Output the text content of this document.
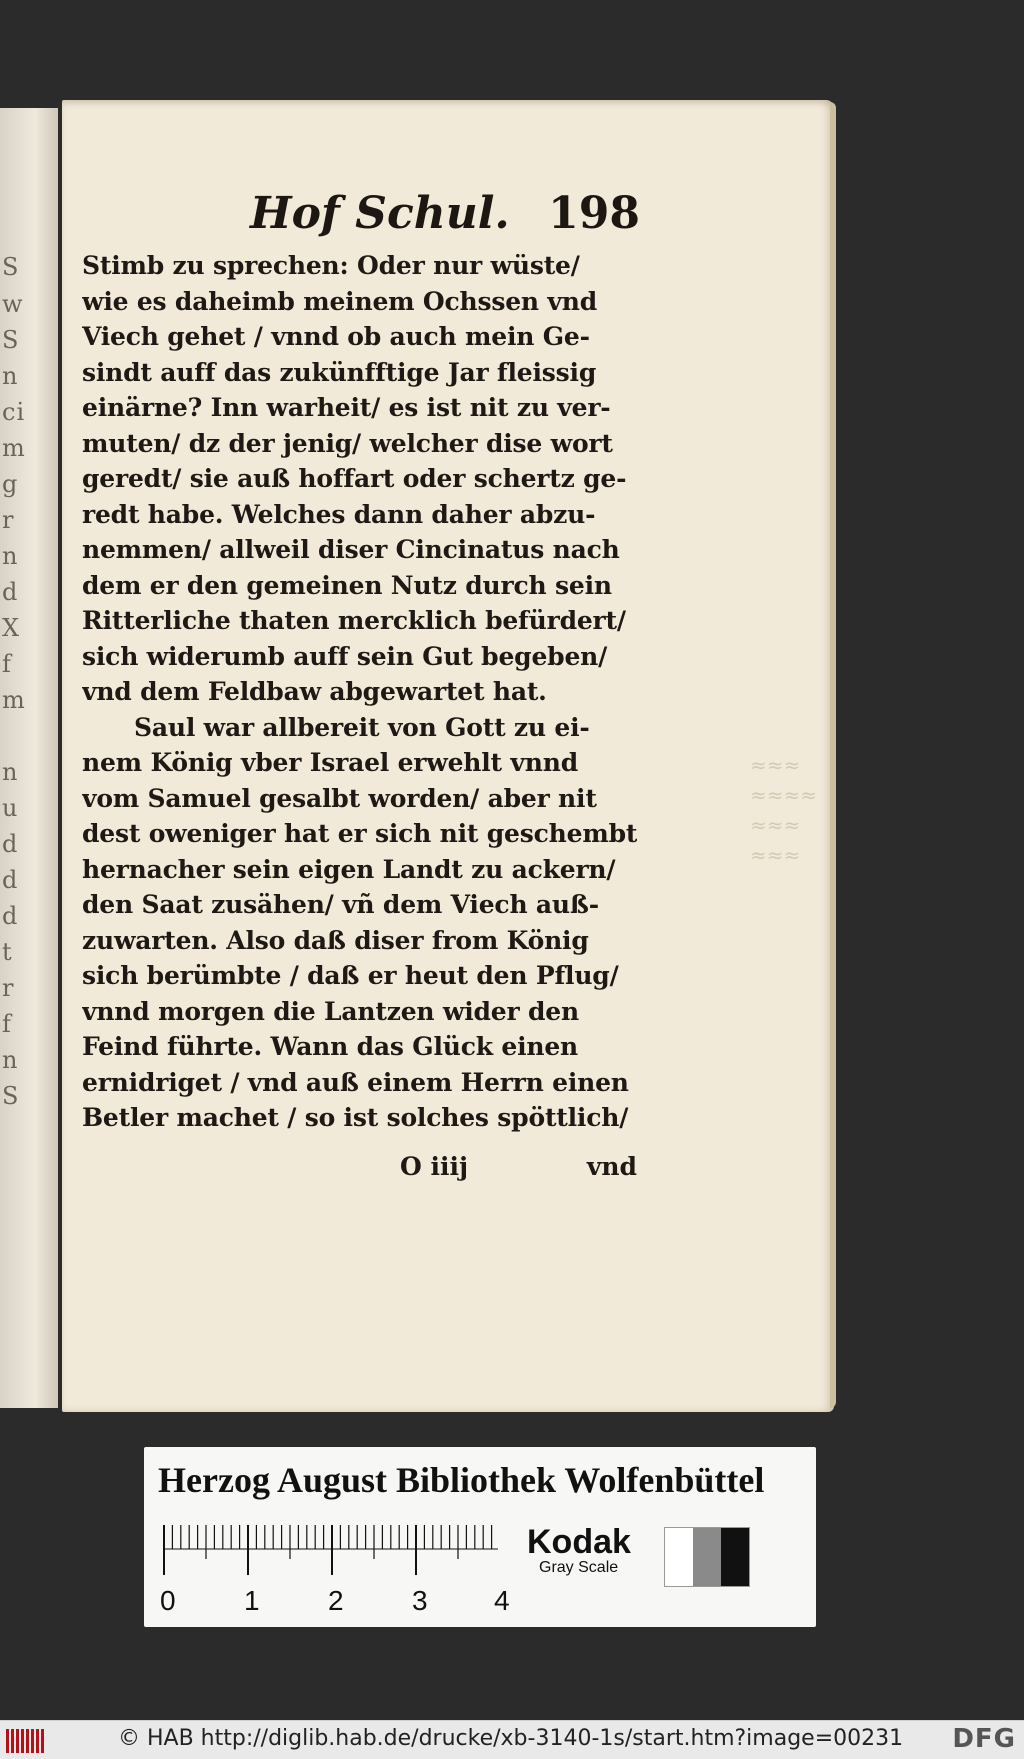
S
w
S
n
ci
m
g
r
n
d
X
f
m
n
u
d
d
d
t
r
f
n
S
≈≈≈
≈≈≈≈
≈≈≈
≈≈≈
Hof Schul. 198
Stimb zu sprechen: Oder nur wüste/
wie es daheimb meinem Ochssen vnd
Viech gehet / vnnd ob auch mein Ge-
sindt auff das zukünfftige Jar fleissig
einärne? Inn warheit/ es ist nit zu ver-
muten/ dz der jenig/ welcher dise wort
geredt/ sie auß hoffart oder schertz ge-
redt habe. Welches dann daher abzu-
nemmen/ allweil diser Cincinatus nach
dem er den gemeinen Nutz durch sein
Ritterliche thaten mercklich befürdert/
sich widerumb auff sein Gut begeben/
vnd dem Feldbaw abgewartet hat.
Saul war allbereit von Gott zu ei-
nem König vber Israel erwehlt vnnd
vom Samuel gesalbt worden/ aber nit
dest oweniger hat er sich nit geschembt
hernacher sein eigen Landt zu ackern/
den Saat zusähen/ vñ dem Viech auß-
zuwarten. Also daß diser from König
sich berümbte / daß er heut den Pflug/
vnnd morgen die Lantzen wider den
Feind führte. Wann das Glück einen
ernidriget / vnd auß einem Herrn einen
Betler machet / so ist solches spöttlich/
O iiij	vnd
Herzog August Bibliothek Wolfenbüttel
0 1 2 3 4
Kodak
Gray Scale
© HAB http://diglib.hab.de/drucke/xb-3140-1s/start.htm?image=00231 DFG
